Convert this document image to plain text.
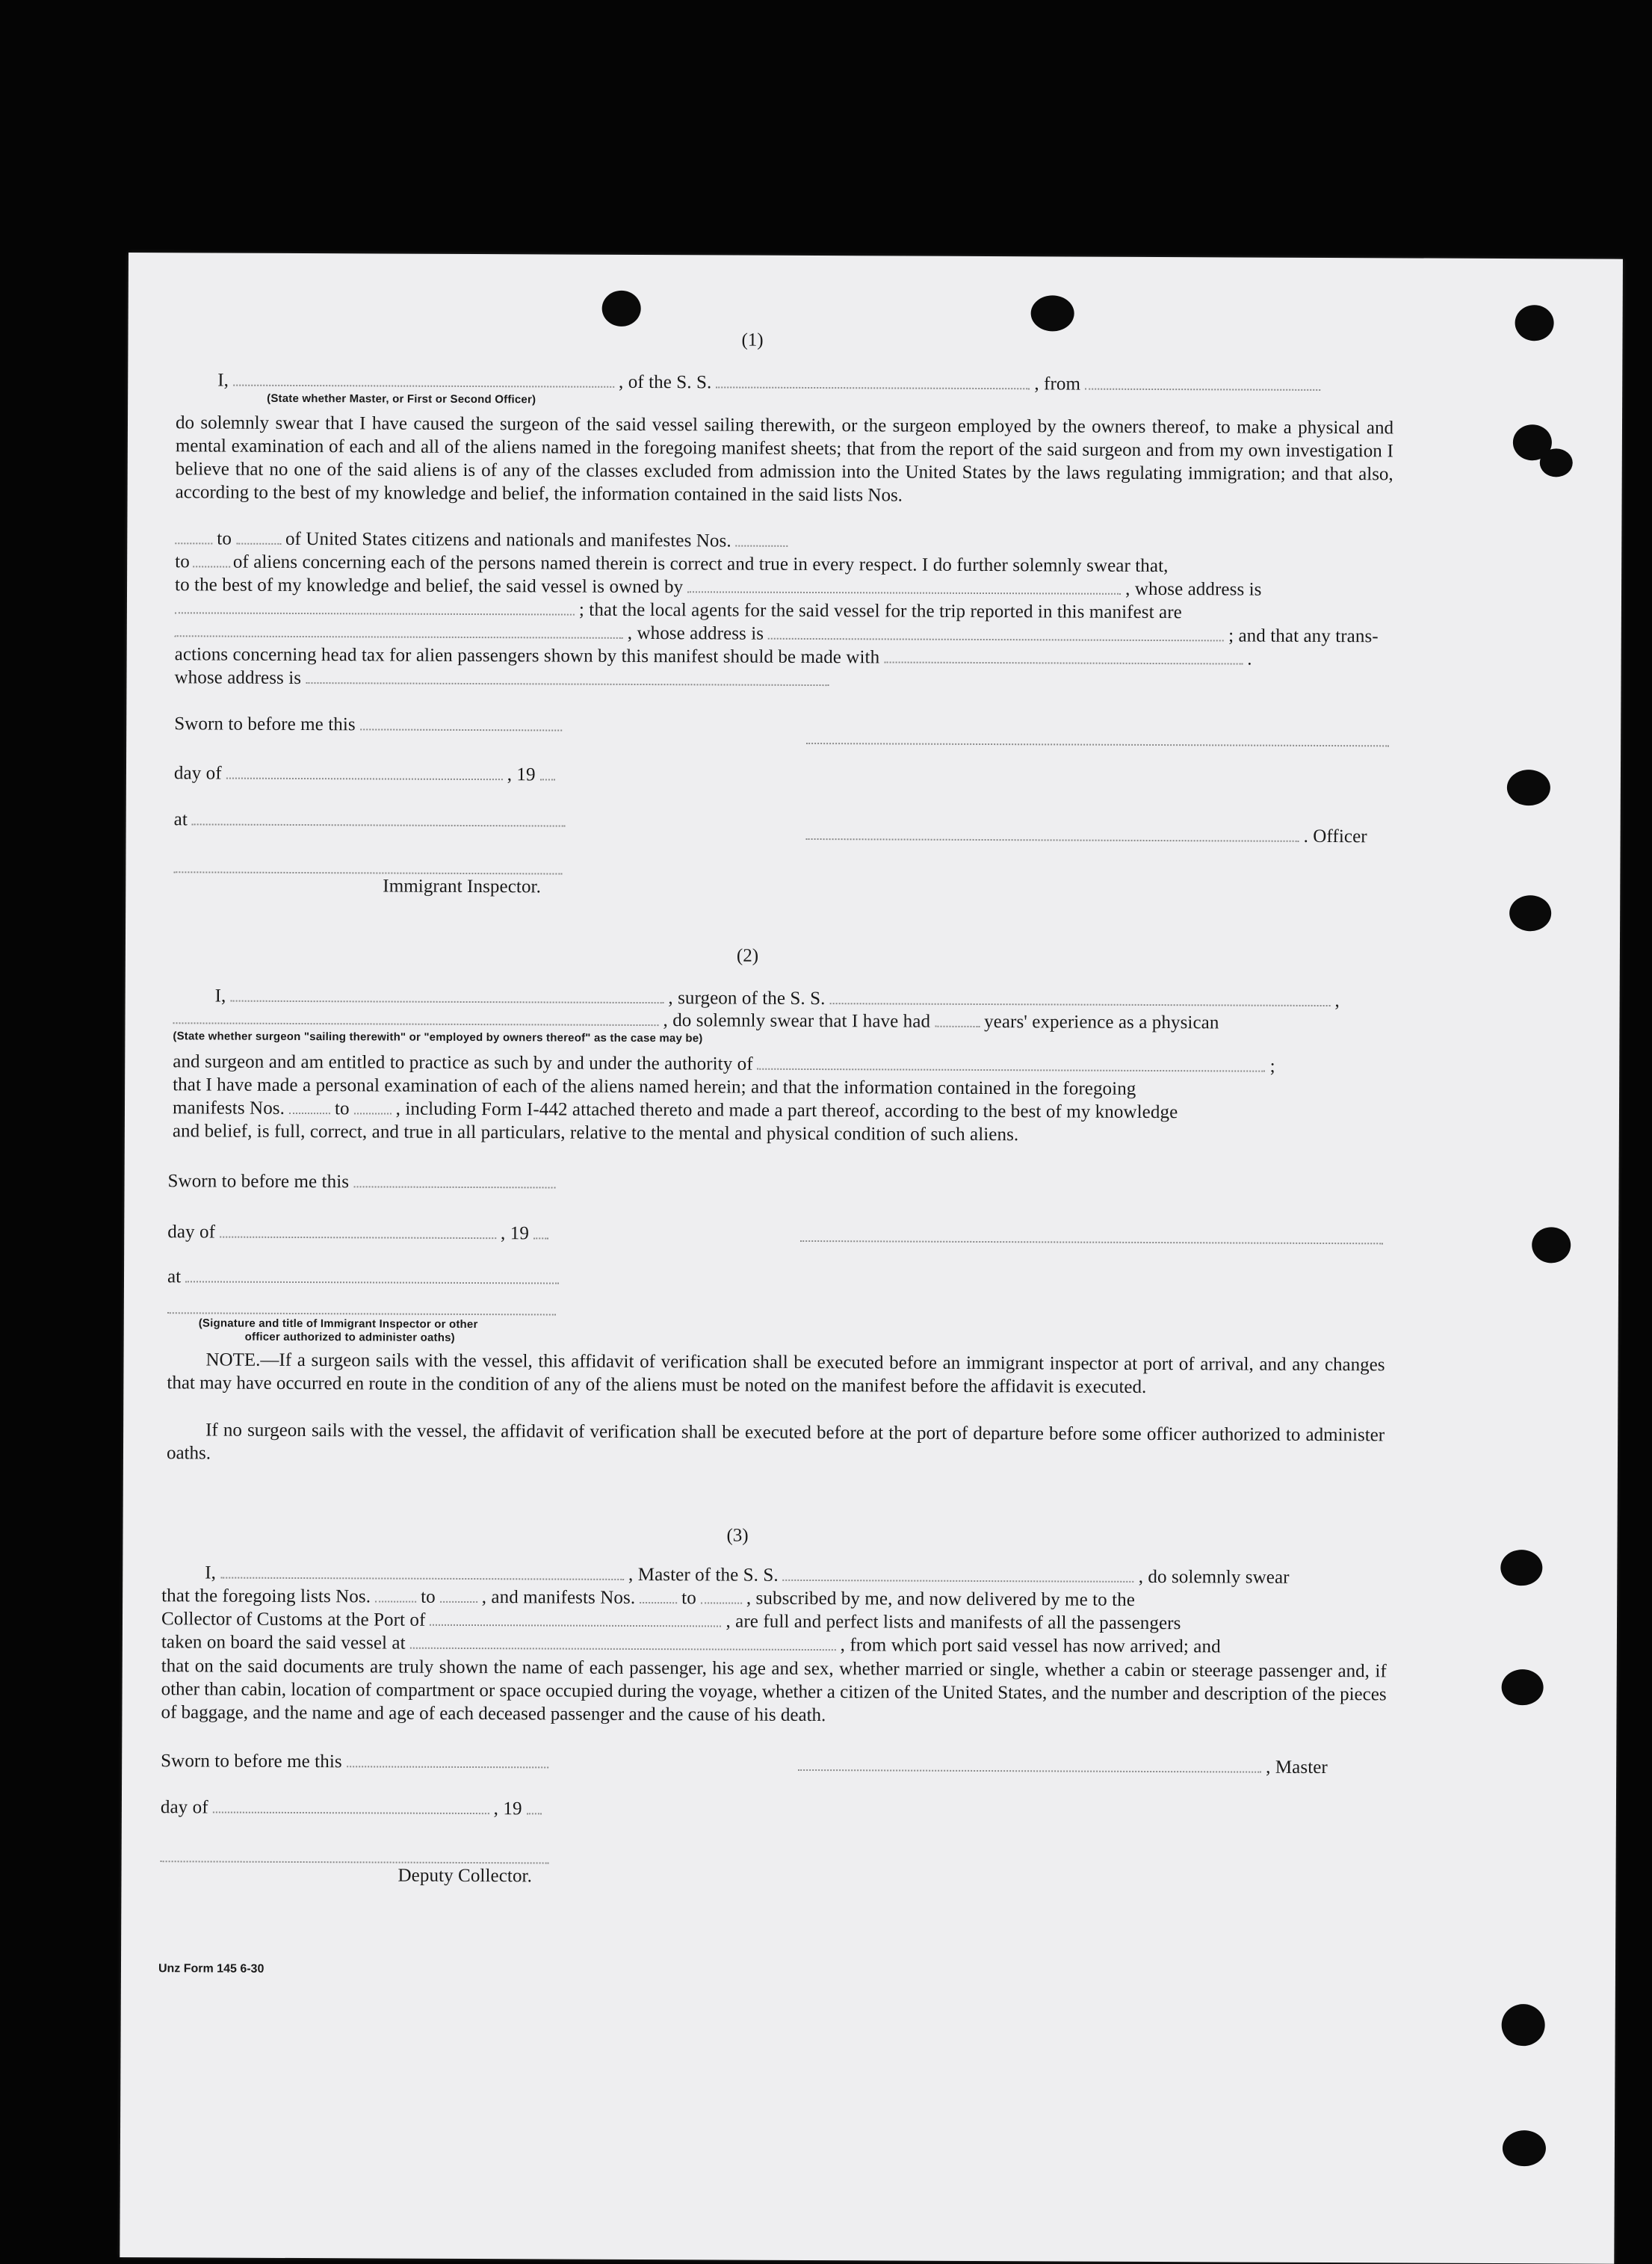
(1)
I,	, of the S. S.	, from
(State whether Master, or First or Second Officer)
do solemnly swear that I have caused the surgeon of the said vessel sailing therewith, or the surgeon employed by the owners thereof, to make a physical and mental examination of each and all of the aliens named in the foregoing manifest sheets; that from the report of the said surgeon and from my own investigation I believe that no one of the said aliens is of any of the classes excluded from admission into the United States by the laws regulating immigration; and that also, according to the best of my knowledge and belief, the information contained in the said lists Nos.
to	of United States citizens and nationals and manifestes Nos.
to of aliens concerning each of the persons named therein is correct and true in every respect. I do further solemnly swear that,
to the best of my knowledge and belief, the said vessel is owned by	, whose address is
; that the local agents for the said vessel for the trip reported in this manifest are
, whose address is	; and that any trans-
actions concerning head tax for alien passengers shown by this manifest should be made with	.
whose address is
Sworn to before me this
day of	, 19
at
. Officer
Immigrant Inspector.
(2)
I,	, surgeon of the S. S.	,
, do solemnly swear that I have had	years' experience as a physican
(State whether surgeon "sailing therewith" or "employed by owners thereof" as the case may be)
and surgeon and am entitled to practice as such by and under the authority of	;
that I have made a personal examination of each of the aliens named herein; and that the information contained in the foregoing
manifests Nos.	to , including Form I-442 attached thereto and made a part thereof, according to the best of my knowledge
and belief, is full, correct, and true in all particulars, relative to the mental and physical condition of such aliens.
Sworn to before me this
day of	, 19
at
(Signature and title of Immigrant Inspector or other
officer authorized to administer oaths)
NOTE.—If a surgeon sails with the vessel, this affidavit of verification shall be executed before an immigrant inspector at port of arrival, and any changes that may have occurred en route in the condition of any of the aliens must be noted on the manifest before the affidavit is executed.
If no surgeon sails with the vessel, the affidavit of verification shall be executed before at the port of departure before some officer authorized to administer oaths.
(3)
I,	, Master of the S. S.	, do solemnly swear
that the foregoing lists Nos.	to , and manifests Nos. to	, subscribed by me, and now delivered by me to the
Collector of Customs at the Port of	, are full and perfect lists and manifests of all the passengers
taken on board the said vessel at	, from which port said vessel has now arrived; and
that on the said documents are truly shown the name of each passenger, his age and sex, whether married or single, whether a cabin or steerage passenger and, if other than cabin, location of compartment or space occupied during the voyage, whether a citizen of the United States, and the number and description of the pieces of baggage, and the name and age of each deceased passenger and the cause of his death.
Sworn to before me this	, Master
day of	, 19
Deputy Collector.
Unz Form 145 6-30
